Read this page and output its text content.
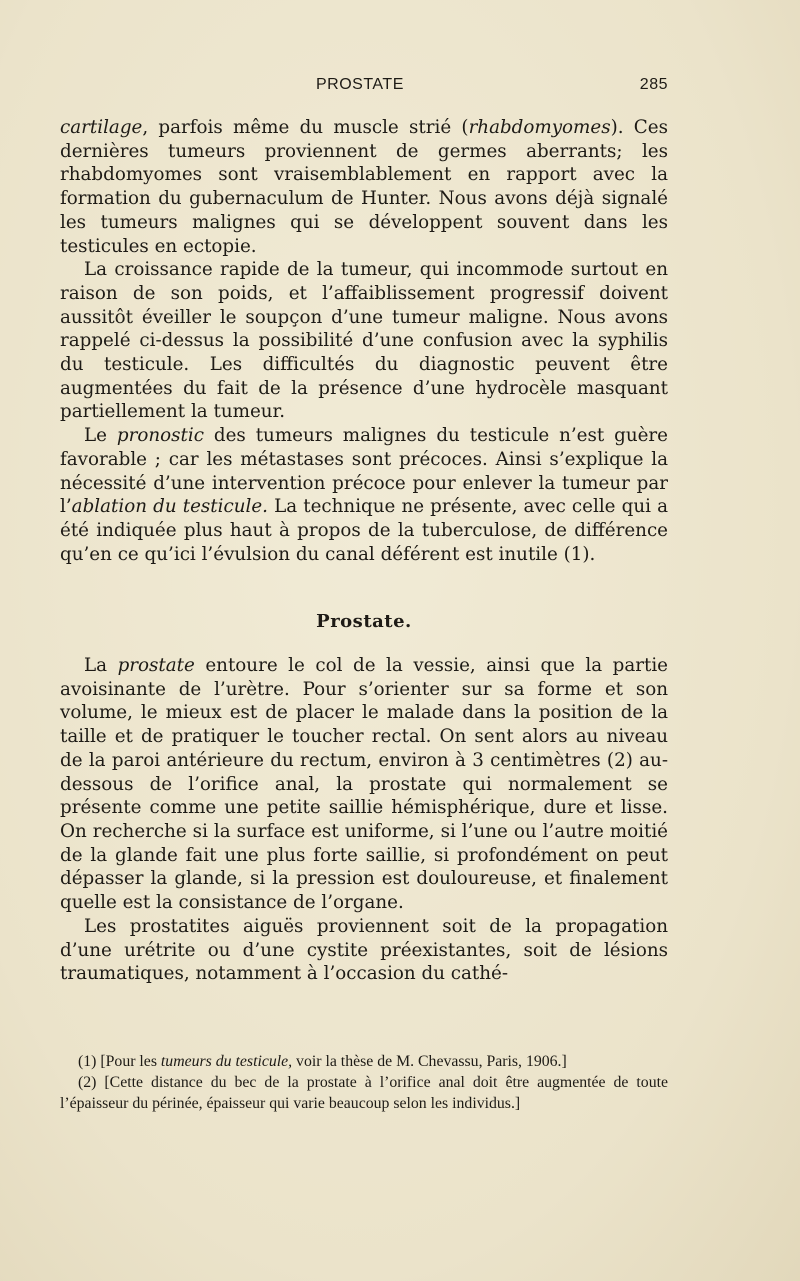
PROSTATE	285

cartilage, parfois même du muscle strié (rhabdomyomes). Ces dernières tumeurs proviennent de germes aberrants; les rhabdomyomes sont vraisemblablement en rapport avec la formation du gubernaculum de Hunter. Nous avons déjà signalé les tumeurs malignes qui se développent souvent dans les testicules en ectopie.

La croissance rapide de la tumeur, qui incommode surtout en raison de son poids, et l’affaiblissement progressif doivent aussitôt éveiller le soupçon d’une tumeur maligne. Nous avons rappelé ci-dessus la possibilité d’une confusion avec la syphilis du testicule. Les difficultés du diagnostic peuvent être augmentées du fait de la présence d’une hydrocèle masquant partiellement la tumeur.

Le pronostic des tumeurs malignes du testicule n’est guère favorable ; car les métastases sont précoces. Ainsi s’explique la nécessité d’une intervention précoce pour enlever la tumeur par l’ablation du testicule. La technique ne présente, avec celle qui a été indiquée plus haut à propos de la tuberculose, de différence qu’en ce qu’ici l’évulsion du canal déférent est inutile (1).

Prostate.

La prostate entoure le col de la vessie, ainsi que la partie avoisinante de l’urètre. Pour s’orienter sur sa forme et son volume, le mieux est de placer le malade dans la position de la taille et de pratiquer le toucher rectal. On sent alors au niveau de la paroi antérieure du rectum, environ à 3 centimètres (2) au-dessous de l’orifice anal, la prostate qui normalement se présente comme une petite saillie hémisphérique, dure et lisse. On recherche si la surface est uniforme, si l’une ou l’autre moitié de la glande fait une plus forte saillie, si profondément on peut dépasser la glande, si la pression est douloureuse, et finalement quelle est la consistance de l’organe.

Les prostatites aiguës proviennent soit de la propagation d’une urétrite ou d’une cystite préexistantes, soit de lésions traumatiques, notamment à l’occasion du cathé-

(1) [Pour les tumeurs du testicule, voir la thèse de M. Chevassu, Paris, 1906.]

(2) [Cette distance du bec de la prostate à l’orifice anal doit être augmentée de toute l’épaisseur du périnée, épaisseur qui varie beaucoup selon les individus.]
